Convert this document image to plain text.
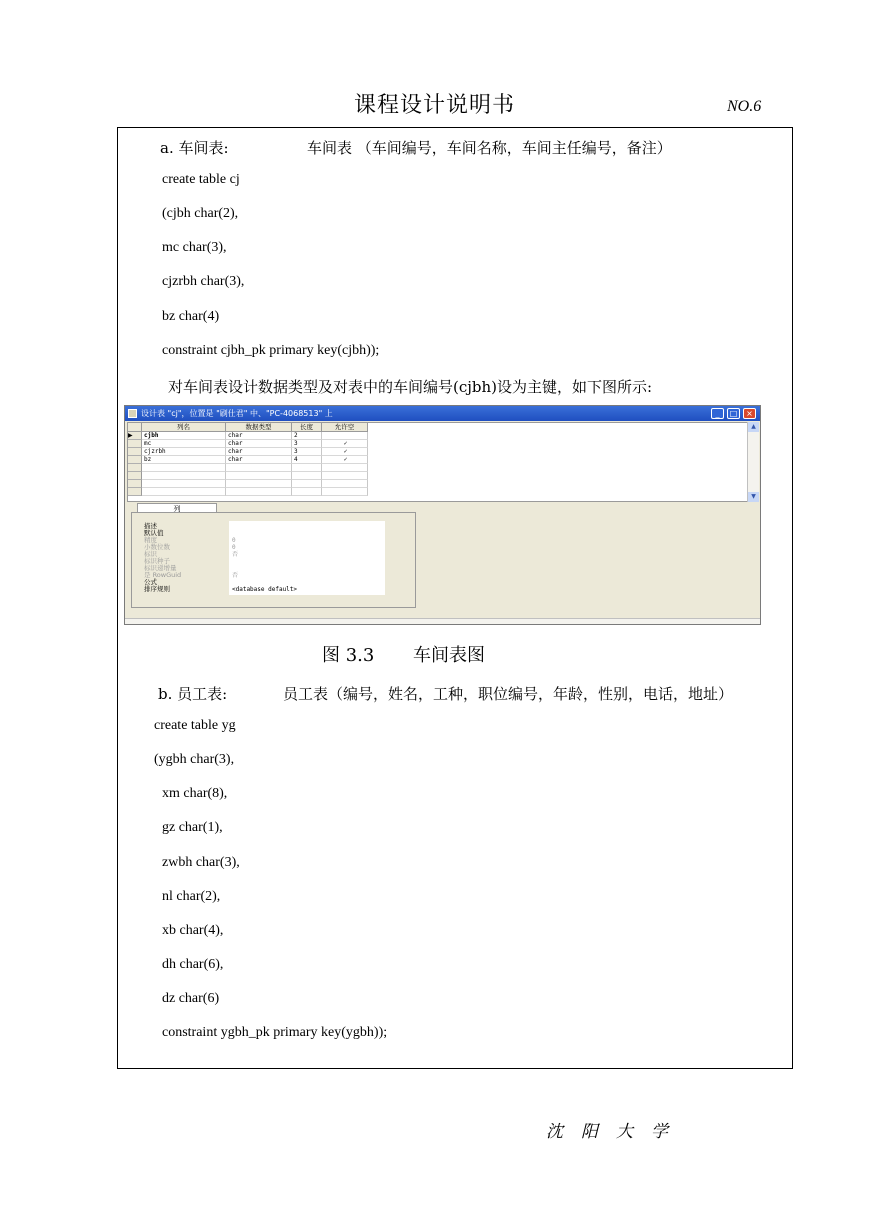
课程设计说明书	NO.6
a. 车间表:	车间表 （车间编号，车间名称，车间主任编号，备注）
create table cj
(cjbh char(2),
mc char(3),
cjzrbh char(3),
bz char(4)
constraint cjbh_pk primary key(cjbh));
对车间表设计数据类型及对表中的车间编号(cjbh)设为主键，如下图所示:
设计表 "cj"，位置是 "刷仕君" 中、"PC-4068513" 上	_	□	×
列名	数据类型	长度	允许空
▶	cjbh	char	2
mc	char	3	✓
cjzrbh	char	3	✓
bz	char	4	✓
▲
▼
列
描述
默认值
精度	0
小数位数	0
标识	否
标识种子
标识递增量
是 RowGuid	否
公式
排序规则	<database default>
图 3.3 车间表图
b. 员工表:	员工表（编号，姓名，工种，职位编号，年龄，性别，电话，地址）
create table yg
(ygbh char(3),
xm char(8),
gz char(1),
zwbh char(3),
nl char(2),
xb char(4),
dh char(6),
dz char(6)
constraint ygbh_pk primary key(ygbh));
沈阳大学
